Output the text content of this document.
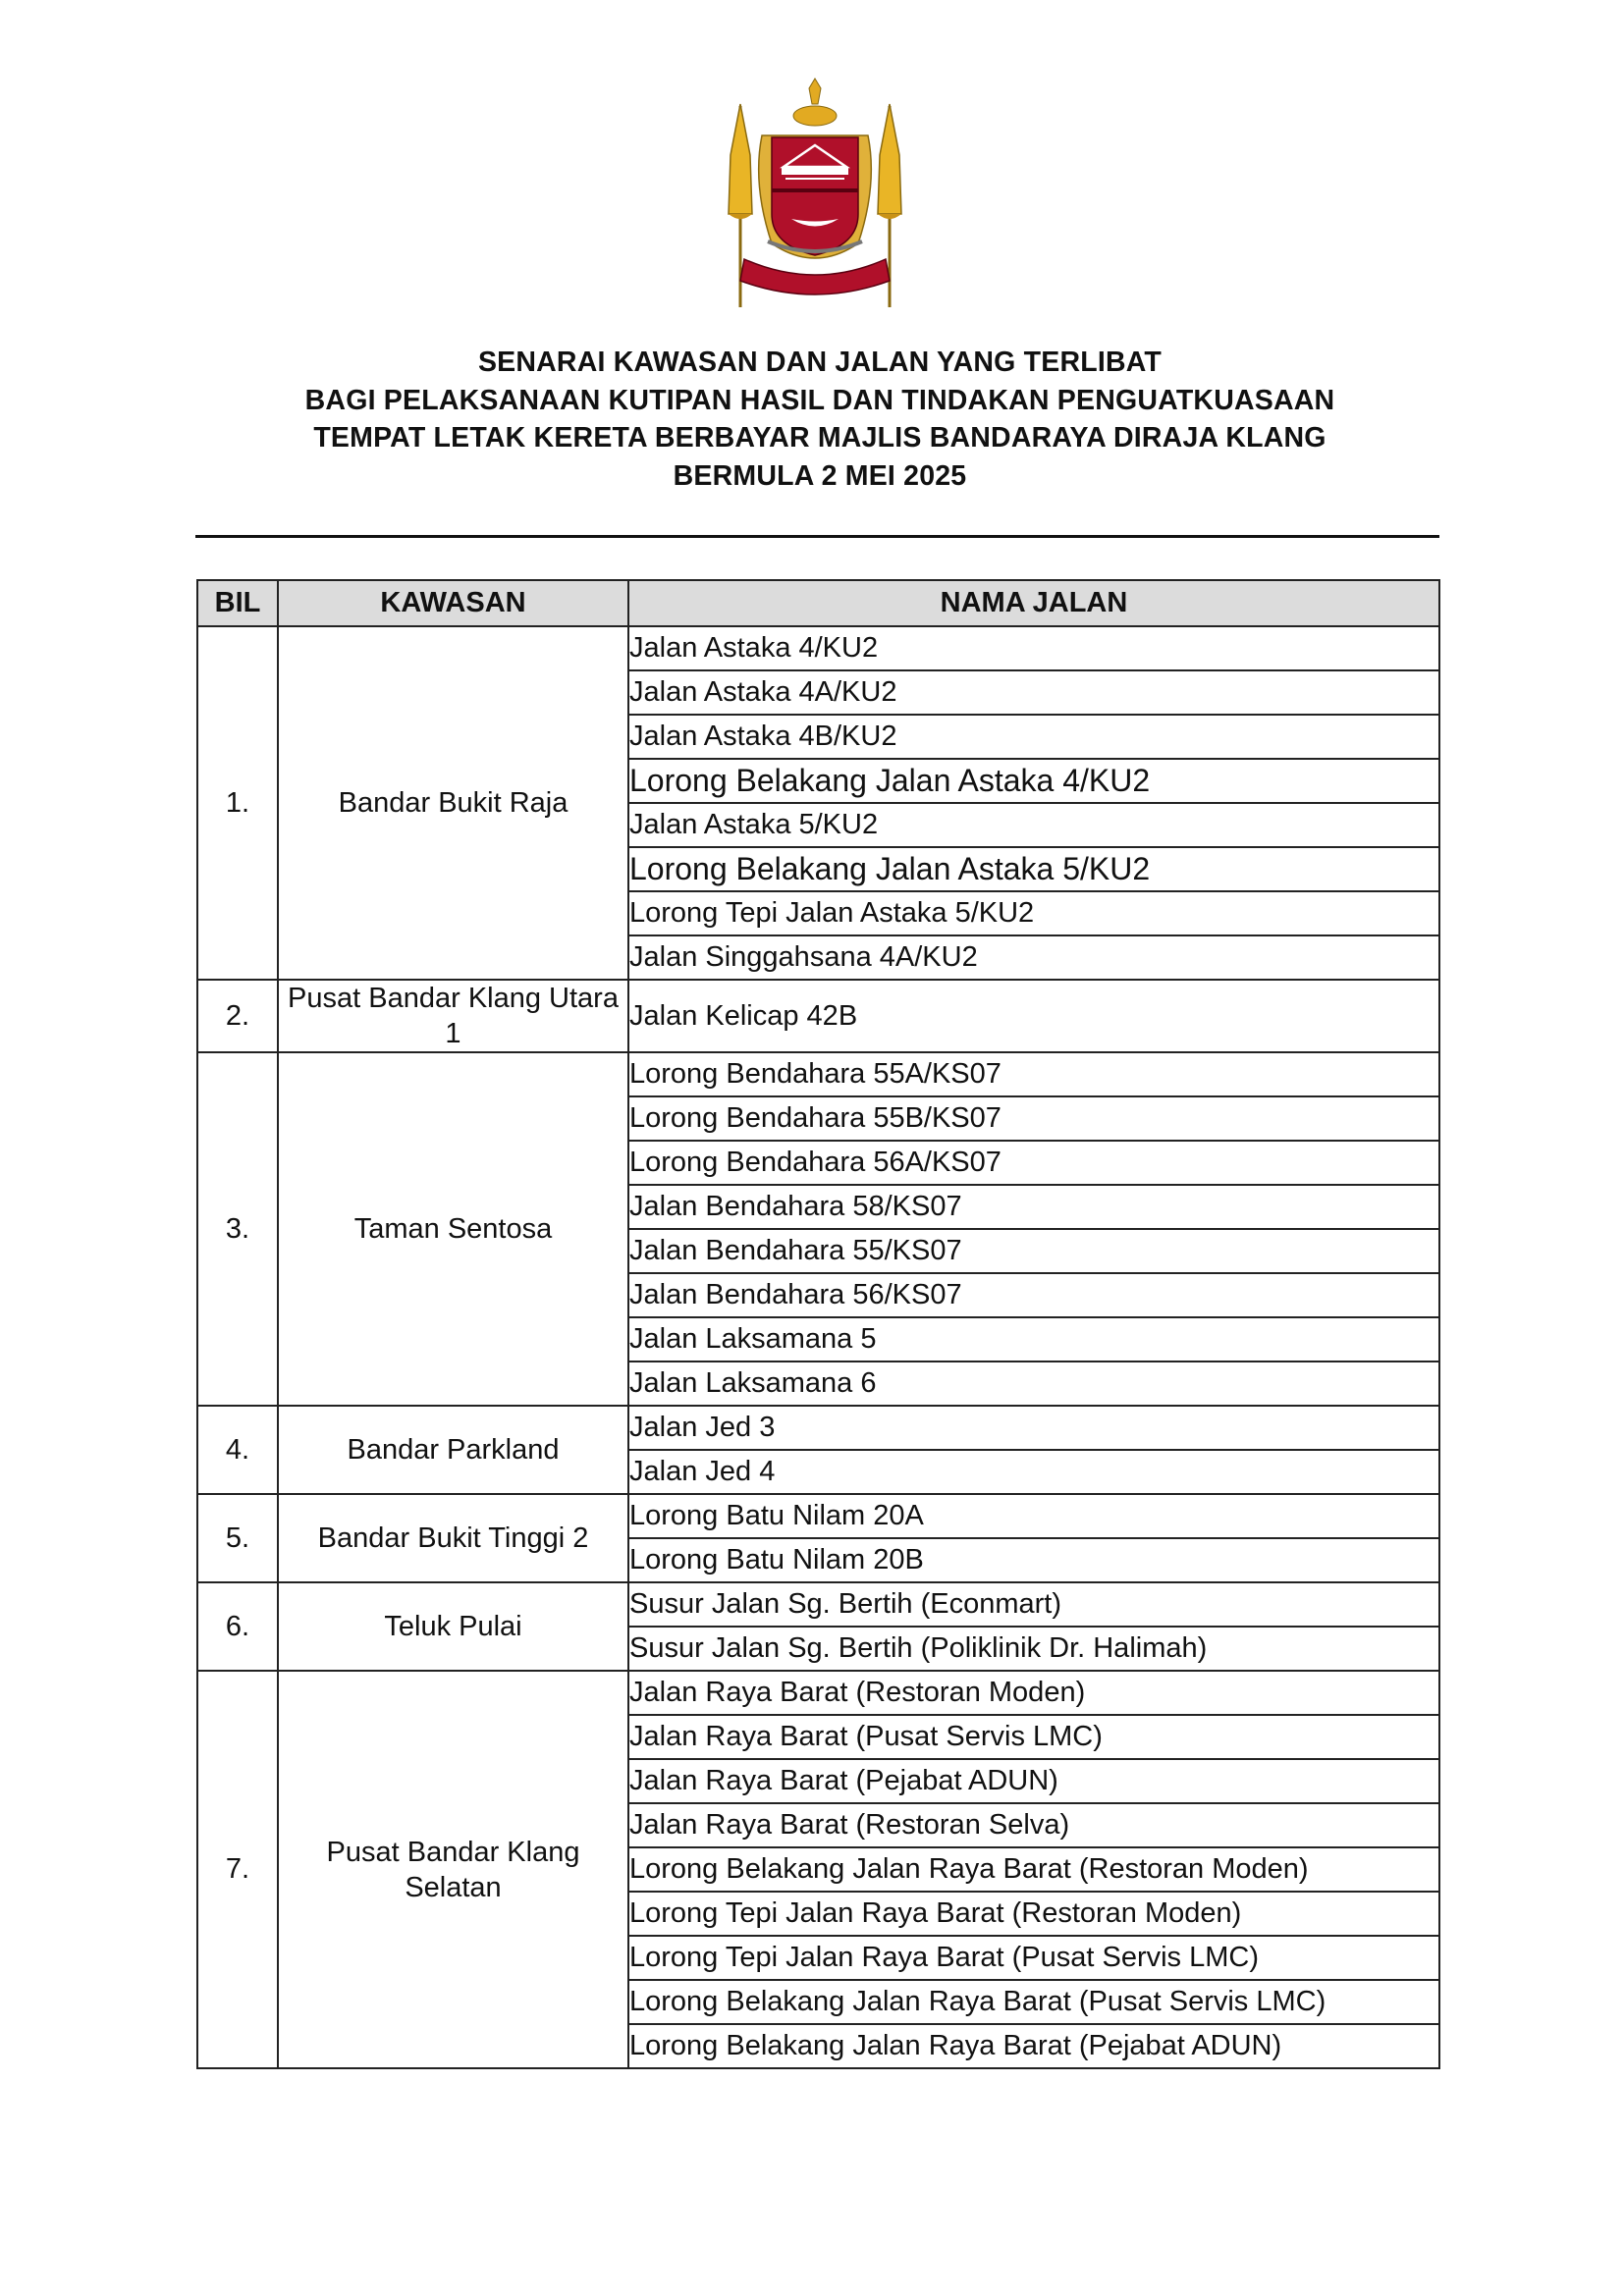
SENARAI KAWASAN DAN JALAN YANG TERLIBAT
BAGI PELAKSANAAN KUTIPAN HASIL DAN TINDAKAN PENGUATKUASAAN
TEMPAT LETAK KERETA BERBAYAR MAJLIS BANDARAYA DIRAJA KLANG
BERMULA 2 MEI 2025
BIL	KAWASAN	NAMA JALAN
1.	Bandar Bukit Raja	Jalan Astaka 4/KU2
		Jalan Astaka 4A/KU2
		Jalan Astaka 4B/KU2
		Lorong Belakang Jalan Astaka 4/KU2
		Jalan Astaka 5/KU2
		Lorong Belakang Jalan Astaka 5/KU2
		Lorong Tepi Jalan Astaka 5/KU2
		Jalan Singgahsana 4A/KU2
2.	Pusat Bandar Klang Utara 1	Jalan Kelicap 42B
3.	Taman Sentosa	Lorong Bendahara 55A/KS07
		Lorong Bendahara 55B/KS07
		Lorong Bendahara 56A/KS07
		Jalan Bendahara 58/KS07
		Jalan Bendahara 55/KS07
		Jalan Bendahara 56/KS07
		Jalan Laksamana 5
		Jalan Laksamana 6
4.	Bandar Parkland	Jalan Jed 3
		Jalan Jed 4
5.	Bandar Bukit Tinggi 2	Lorong Batu Nilam 20A
		Lorong Batu Nilam 20B
6.	Teluk Pulai	Susur Jalan Sg. Bertih (Econmart)
		Susur Jalan Sg. Bertih (Poliklinik Dr. Halimah)
7.	Pusat Bandar Klang Selatan	Jalan Raya Barat (Restoran Moden)
		Jalan Raya Barat (Pusat Servis LMC)
		Jalan Raya Barat (Pejabat ADUN)
		Jalan Raya Barat (Restoran Selva)
		Lorong Belakang Jalan Raya Barat (Restoran Moden)
		Lorong Tepi Jalan Raya Barat (Restoran Moden)
		Lorong Tepi Jalan Raya Barat (Pusat Servis LMC)
		Lorong Belakang Jalan Raya Barat (Pusat Servis LMC)
		Lorong Belakang Jalan Raya Barat (Pejabat ADUN)
